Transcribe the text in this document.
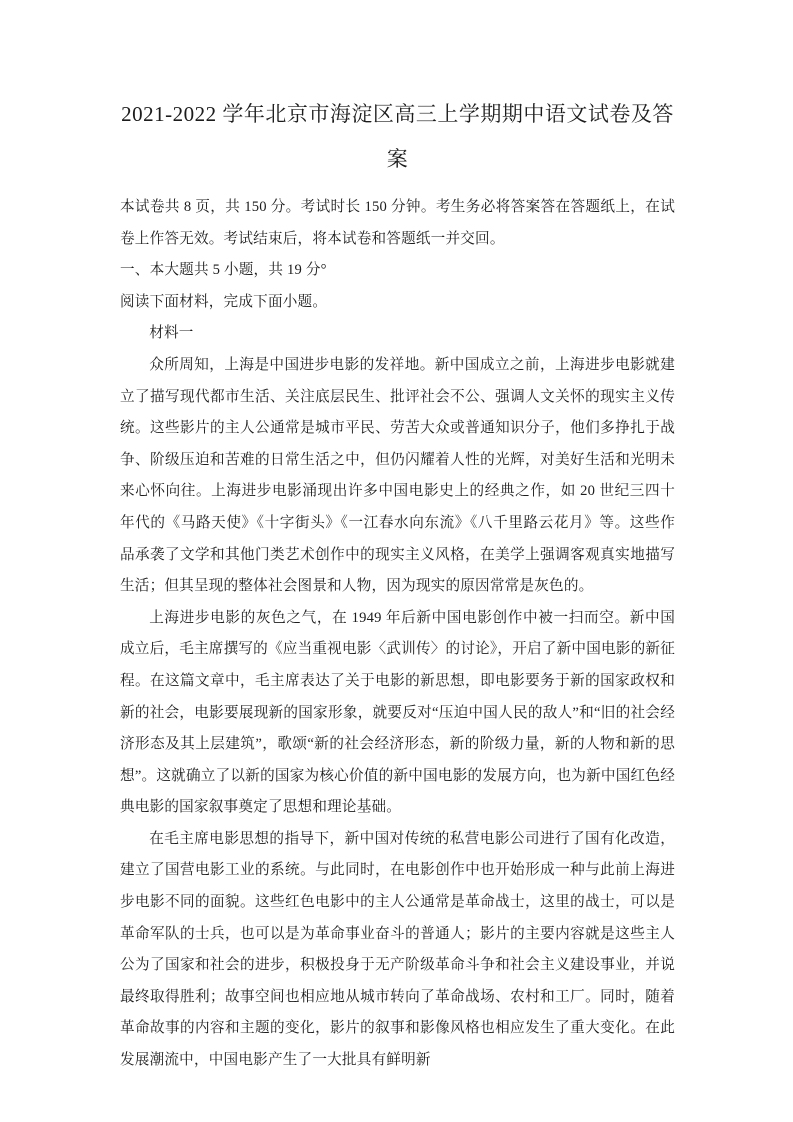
2021-2022 学年北京市海淀区高三上学期期中语文试卷及答案

本试卷共 8 页，共 150 分。考试时长 150 分钟。考生务必将答案答在答题纸上，在试卷上作答无效。考试结束后，将本试卷和答题纸一并交回。

一、本大题共 5 小题，共 19 分°

阅读下面材料，完成下面小题。

材料一

众所周知，上海是中国进步电影的发祥地。新中国成立之前，上海进步电影就建立了描写现代都市生活、关注底层民生、批评社会不公、强调人文关怀的现实主义传统。这些影片的主人公通常是城市平民、劳苦大众或普通知识分子，他们多挣扎于战争、阶级压迫和苦难的日常生活之中，但仍闪耀着人性的光辉，对美好生活和光明未来心怀向往。上海进步电影涌现出许多中国电影史上的经典之作，如 20 世纪三四十年代的《马路天使》《十字街头》《一江春水向东流》《八千里路云花月》等。这些作品承袭了文学和其他门类艺术创作中的现实主义风格，在美学上强调客观真实地描写生活；但其呈现的整体社会图景和人物，因为现实的原因常常是灰色的。

上海进步电影的灰色之气，在 1949 年后新中国电影创作中被一扫而空。新中国成立后，毛主席撰写的《应当重视电影〈武训传〉的讨论》，开启了新中国电影的新征程。在这篇文章中，毛主席表达了关于电影的新思想，即电影要务于新的国家政权和新的社会，电影要展现新的国家形象，就要反对“压迫中国人民的敌人”和“旧的社会经济形态及其上层建筑”，歌颂“新的社会经济形态，新的阶级力量，新的人物和新的思想”。这就确立了以新的国家为核心价值的新中国电影的发展方向，也为新中国红色经典电影的国家叙事奠定了思想和理论基础。

在毛主席电影思想的指导下，新中国对传统的私营电影公司进行了国有化改造，建立了国营电影工业的系统。与此同时，在电影创作中也开始形成一种与此前上海进步电影不同的面貌。这些红色电影中的主人公通常是革命战士，这里的战士，可以是革命军队的士兵，也可以是为革命事业奋斗的普通人；影片的主要内容就是这些主人公为了国家和社会的进步，积极投身于无产阶级革命斗争和社会主义建设事业，并说最终取得胜利；故事空间也相应地从城市转向了革命战场、农村和工厂。同时，随着革命故事的内容和主题的变化，影片的叙事和影像风格也相应发生了重大变化。在此发展潮流中，中国电影产生了一大批具有鲜明新
